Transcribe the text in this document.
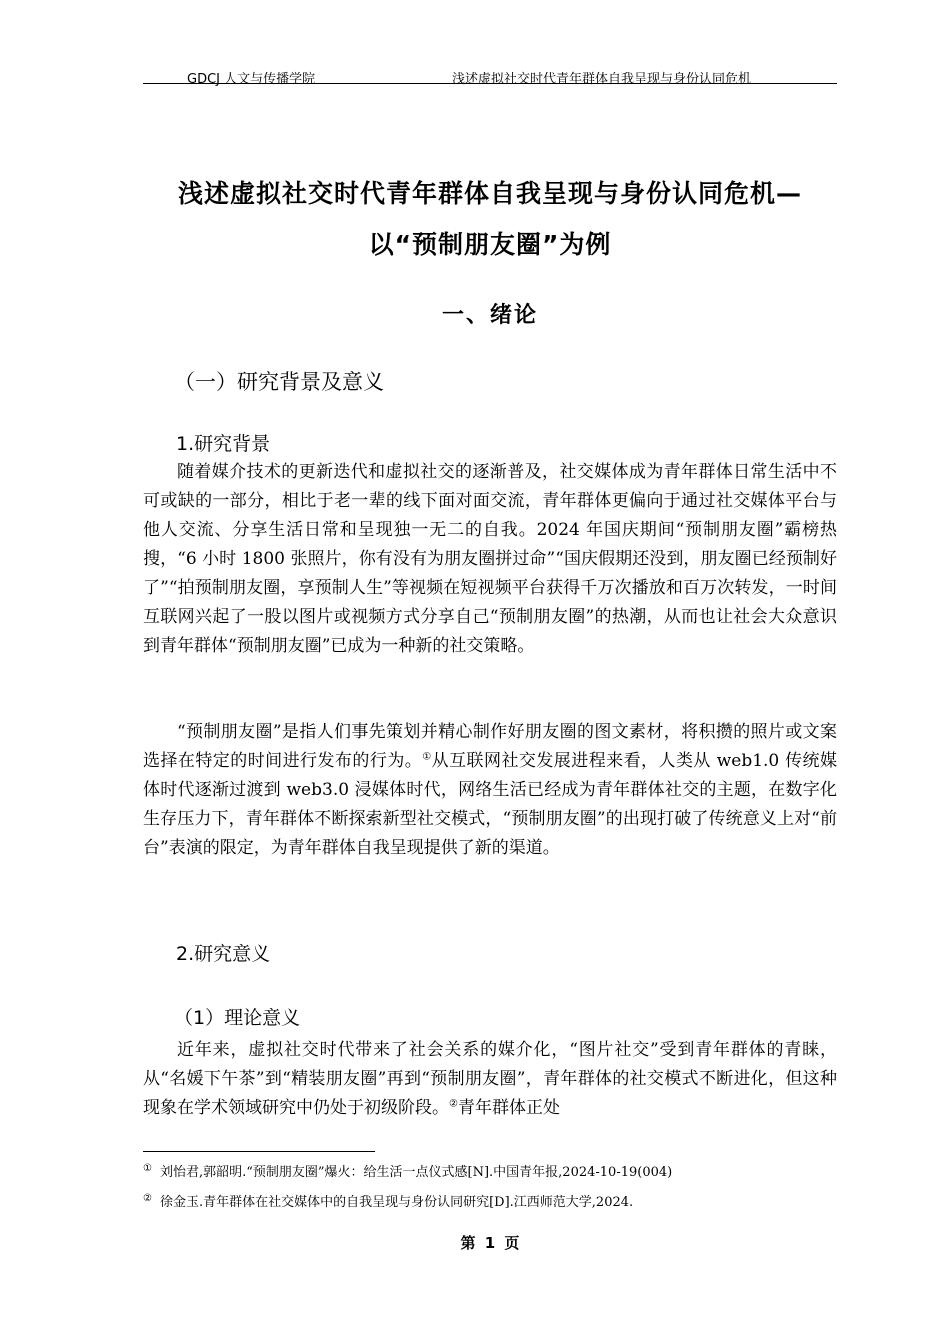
GDCJ 人文与传播学院	浅述虚拟社交时代青年群体自我呈现与身份认同危机
浅述虚拟社交时代青年群体自我呈现与身份认同危机—
以“预制朋友圈”为例
一、绪论
（一）研究背景及意义
1.研究背景

随着媒介技术的更新迭代和虚拟社交的逐渐普及，社交媒体成为青年群体日常生活中不可或缺的一部分，相比于老一辈的线下面对面交流，青年群体更偏向于通过社交媒体平台与他人交流、分享生活日常和呈现独一无二的自我。2024 年国庆期间“预制朋友圈”霸榜热搜，“6 小时 1800 张照片，你有没有为朋友圈拼过命”“国庆假期还没到，朋友圈已经预制好了”“拍预制朋友圈，享预制人生”等视频在短视频平台获得千万次播放和百万次转发，一时间互联网兴起了一股以图片或视频方式分享自己“预制朋友圈”的热潮，从而也让社会大众意识到青年群体“预制朋友圈”已成为一种新的社交策略。

“预制朋友圈”是指人们事先策划并精心制作好朋友圈的图文素材，将积攒的照片或文案选择在特定的时间进行发布的行为。①从互联网社交发展进程来看，人类从 web1.0 传统媒体时代逐渐过渡到 web3.0 浸媒体时代，网络生活已经成为青年群体社交的主题，在数字化生存压力下，青年群体不断探索新型社交模式，“预制朋友圈”的出现打破了传统意义上对“前台”表演的限定，为青年群体自我呈现提供了新的渠道。

2.研究意义
（1）理论意义

近年来，虚拟社交时代带来了社会关系的媒介化，“图片社交”受到青年群体的青睐，从“名媛下午茶”到“精装朋友圈”再到“预制朋友圈”，青年群体的社交模式不断进化，但这种现象在学术领域研究中仍处于初级阶段。②青年群体正处

① 刘怡君,郭韶明.“预制朋友圈”爆火：给生活一点仪式感[N].中国青年报,2024-10-19(004)
② 徐金玉.青年群体在社交媒体中的自我呈现与身份认同研究[D].江西师范大学,2024.
第 1 页
